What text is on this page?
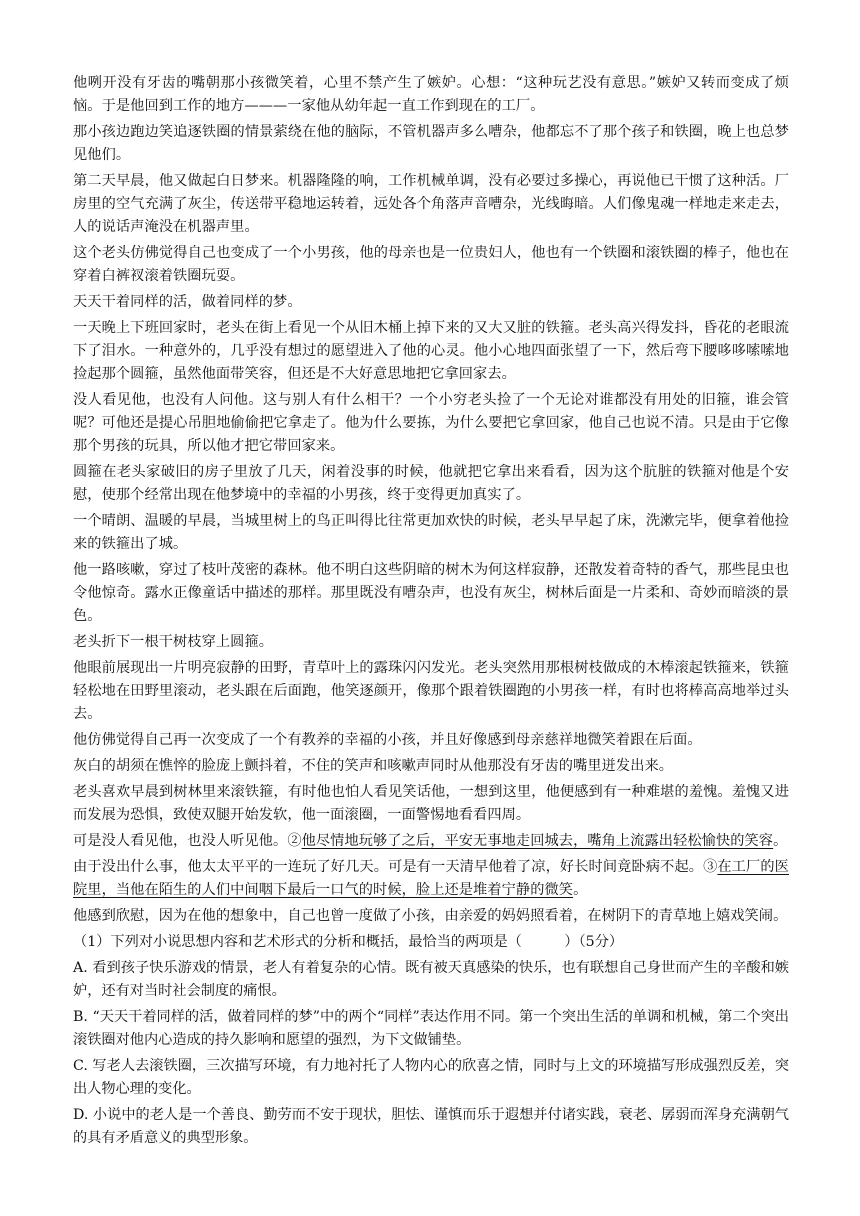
他咧开没有牙齿的嘴朝那小孩微笑着，心里不禁产生了嫉妒。心想：“这种玩艺没有意思。”嫉妒又转而变成了烦恼。于是他回到工作的地方———一家他从幼年起一直工作到现在的工厂。

那小孩边跑边笑追逐铁圈的情景萦绕在他的脑际，不管机器声多么嘈杂，他都忘不了那个孩子和铁圈，晚上也总梦见他们。

第二天早晨，他又做起白日梦来。机器隆隆的响，工作机械单调，没有必要过多操心，再说他已干惯了这种活。厂房里的空气充满了灰尘，传送带平稳地运转着，远处各个角落声音嘈杂，光线晦暗。人们像鬼魂一样地走来走去，人的说话声淹没在机器声里。

这个老头仿佛觉得自己也变成了一个小男孩，他的母亲也是一位贵妇人，他也有一个铁圈和滚铁圈的棒子，他也在穿着白裤衩滚着铁圈玩耍。

天天干着同样的活，做着同样的梦。

一天晚上下班回家时，老头在街上看见一个从旧木桶上掉下来的又大又脏的铁箍。老头高兴得发抖，昏花的老眼流下了泪水。一种意外的，几乎没有想过的愿望进入了他的心灵。他小心地四面张望了一下，然后弯下腰哆哆嗦嗦地捡起那个圆箍，虽然他面带笑容，但还是不大好意思地把它拿回家去。

没人看见他，也没有人问他。这与别人有什么相干？一个小穷老头捡了一个无论对谁都没有用处的旧箍，谁会管呢？可他还是提心吊胆地偷偷把它拿走了。他为什么要拣，为什么要把它拿回家，他自己也说不清。只是由于它像那个男孩的玩具，所以他才把它带回家来。

圆箍在老头家破旧的房子里放了几天，闲着没事的时候，他就把它拿出来看看，因为这个肮脏的铁箍对他是个安慰，使那个经常出现在他梦境中的幸福的小男孩，终于变得更加真实了。

一个晴朗、温暖的早晨，当城里树上的鸟正叫得比往常更加欢快的时候，老头早早起了床，洗漱完毕，便拿着他捡来的铁箍出了城。

他一路咳嗽，穿过了枝叶茂密的森林。他不明白这些阴暗的树木为何这样寂静，还散发着奇特的香气，那些昆虫也令他惊奇。露水正像童话中描述的那样。那里既没有嘈杂声，也没有灰尘，树林后面是一片柔和、奇妙而暗淡的景色。

老头折下一根干树枝穿上圆箍。

他眼前展现出一片明亮寂静的田野，青草叶上的露珠闪闪发光。老头突然用那根树枝做成的木棒滚起铁箍来，铁箍轻松地在田野里滚动，老头跟在后面跑，他笑逐颜开，像那个跟着铁圈跑的小男孩一样，有时也将棒高高地举过头去。

他仿佛觉得自己再一次变成了一个有教养的幸福的小孩，并且好像感到母亲慈祥地微笑着跟在后面。

灰白的胡须在憔悴的脸庞上颤抖着，不住的笑声和咳嗽声同时从他那没有牙齿的嘴里迸发出来。

老头喜欢早晨到树林里来滚铁箍，有时他也怕人看见笑话他，一想到这里，他便感到有一种难堪的羞愧。羞愧又进而发展为恐惧，致使双腿开始发软，他一面滚圈，一面警惕地看看四周。

可是没人看见他，也没人听见他。②他尽情地玩够了之后，平安无事地走回城去，嘴角上流露出轻松愉快的笑容。

由于没出什么事，他太太平平的一连玩了好几天。可是有一天清早他着了凉，好长时间竟卧病不起。③在工厂的医院里，当他在陌生的人们中间咽下最后一口气的时候，脸上还是堆着宁静的微笑。

他感到欣慰，因为在他的想象中，自己也曾一度做了小孩，由亲爱的妈妈照看着，在树阴下的青草地上嬉戏笑闹。

（1）下列对小说思想内容和艺术形式的分析和概括，最恰当的两项是（　　　）（5分）

A. 看到孩子快乐游戏的情景，老人有着复杂的心情。既有被天真感染的快乐，也有联想自己身世而产生的辛酸和嫉妒，还有对当时社会制度的痛恨。

B. “天天干着同样的活，做着同样的梦”中的两个“同样”表达作用不同。第一个突出生活的单调和机械，第二个突出滚铁圈对他内心造成的持久影响和愿望的强烈，为下文做铺垫。

C. 写老人去滚铁圈，三次描写环境，有力地衬托了人物内心的欣喜之情，同时与上文的环境描写形成强烈反差，突出人物心理的变化。

D. 小说中的老人是一个善良、勤劳而不安于现状，胆怯、谨慎而乐于遐想并付诸实践，衰老、孱弱而浑身充满朝气的具有矛盾意义的典型形象。
